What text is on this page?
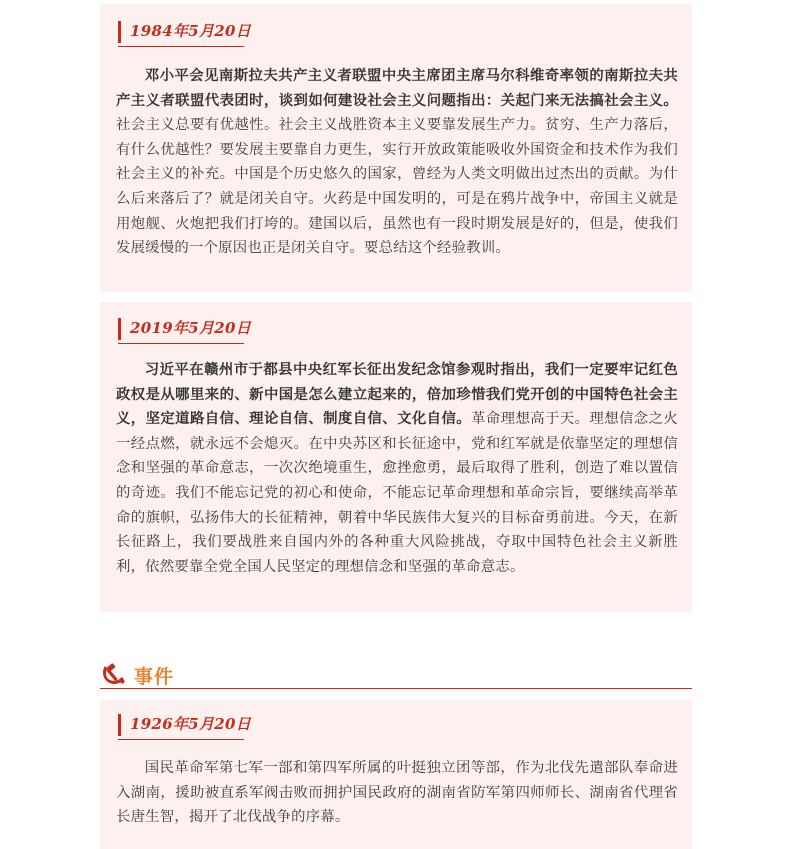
1984年5月20日

邓小平会见南斯拉夫共产主义者联盟中央主席团主席马尔科维奇率领的南斯拉夫共产主义者联盟代表团时，谈到如何建设社会主义问题指出：关起门来无法搞社会主义。社会主义总要有优越性。社会主义战胜资本主义要靠发展生产力。贫穷、生产力落后，有什么优越性？要发展主要靠自力更生，实行开放政策能吸收外国资金和技术作为我们社会主义的补充。中国是个历史悠久的国家，曾经为人类文明做出过杰出的贡献。为什么后来落后了？就是闭关自守。火药是中国发明的，可是在鸦片战争中，帝国主义就是用炮舰、火炮把我们打垮的。建国以后，虽然也有一段时期发展是好的，但是，使我们发展缓慢的一个原因也正是闭关自守。要总结这个经验教训。

2019年5月20日

习近平在赣州市于都县中央红军长征出发纪念馆参观时指出，我们一定要牢记红色政权是从哪里来的、新中国是怎么建立起来的，倍加珍惜我们党开创的中国特色社会主义，坚定道路自信、理论自信、制度自信、文化自信。革命理想高于天。理想信念之火一经点燃，就永远不会熄灭。在中央苏区和长征途中，党和红军就是依靠坚定的理想信念和坚强的革命意志，一次次绝境重生，愈挫愈勇，最后取得了胜利，创造了难以置信的奇迹。我们不能忘记党的初心和使命，不能忘记革命理想和革命宗旨，要继续高举革命的旗帜，弘扬伟大的长征精神，朝着中华民族伟大复兴的目标奋勇前进。今天，在新长征路上，我们要战胜来自国内外的各种重大风险挑战，夺取中国特色社会主义新胜利，依然要靠全党全国人民坚定的理想信念和坚强的革命意志。

事件
1926年5月20日

国民革命军第七军一部和第四军所属的叶挺独立团等部，作为北伐先遣部队奉命进入湖南，援助被直系军阀击败而拥护国民政府的湖南省防军第四师师长、湖南省代理省长唐生智，揭开了北伐战争的序幕。
